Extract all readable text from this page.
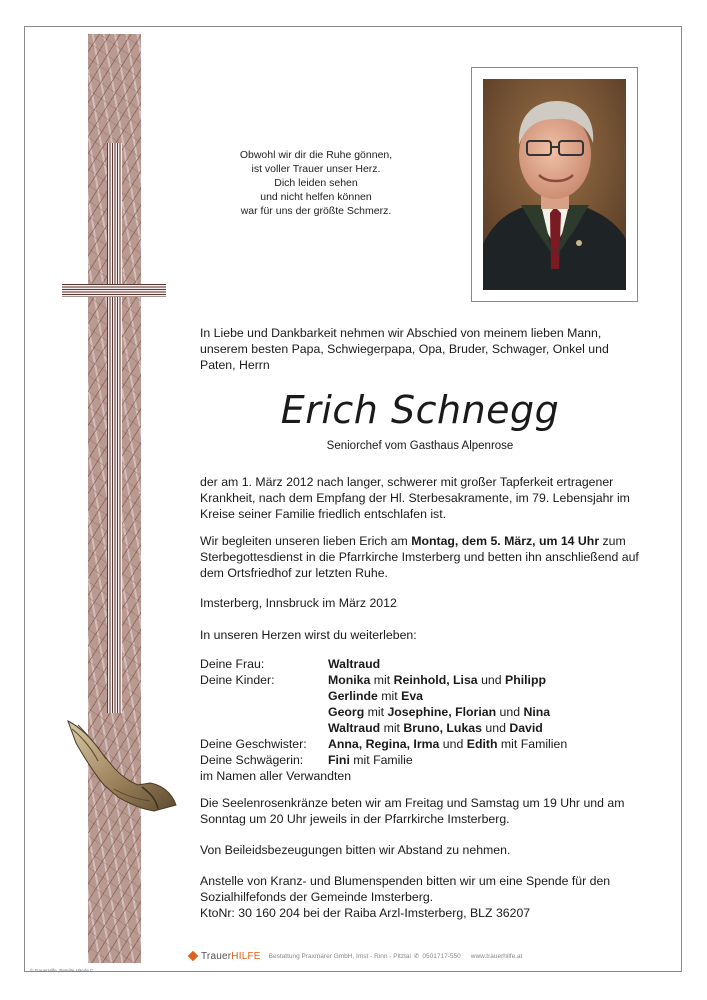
Obwohl wir dir die Ruhe gönnen,
ist voller Trauer unser Herz.
Dich leiden sehen
und nicht helfen können
war für uns der größte Schmerz.
In Liebe und Dankbarkeit nehmen wir Abschied von meinem lieben Mann, unserem besten Papa, Schwiegerpapa, Opa, Bruder, Schwager, Onkel und Paten, Herrn
Erich Schnegg
Seniorchef vom Gasthaus Alpenrose
der am 1. März 2012 nach langer, schwerer mit großer Tapferkeit ertragener Krankheit, nach dem Empfang der Hl. Sterbesakramente, im 79. Lebensjahr im Kreise seiner Familie friedlich entschlafen ist.
Wir begleiten unseren lieben Erich am Montag, dem 5. März, um 14 Uhr zum Sterbegottesdienst in die Pfarrkirche Imsterberg und betten ihn anschließend auf dem Ortsfriedhof zur letzten Ruhe.
Imsterberg, Innsbruck im März 2012
In unseren Herzen wirst du weiterleben:
Deine Frau:	Waltraud
Deine Kinder:	Monika mit Reinhold, Lisa und Philipp
Gerlinde mit Eva
Georg mit Josephine, Florian und Nina
Waltraud mit Bruno, Lukas und David
Deine Geschwister:	Anna, Regina, Irma und Edith mit Familien
Deine Schwägerin:	Fini mit Familie
im Namen aller Verwandten
Die Seelenrosenkränze beten wir am Freitag und Samstag um 19 Uhr und am Sonntag um 20 Uhr jeweils in der Pfarrkirche Imsterberg.
Von Beileidsbezeugungen bitten wir Abstand zu nehmen.
Anstelle von Kranz- und Blumenspenden bitten wir um eine Spende für den
Sozialhilfefonds der Gemeinde Imsterberg.
KtoNr: 30 160 204 bei der Raiba Arzl-Imsterberg, BLZ 36207
TrauerHILFE Bestattung Praxmarer GmbH, Imst - Rinn - Pitztal ✆ 0501717-550 www.trauerhilfe.at
© TrauerHilfe „Beteilte Hände I“
